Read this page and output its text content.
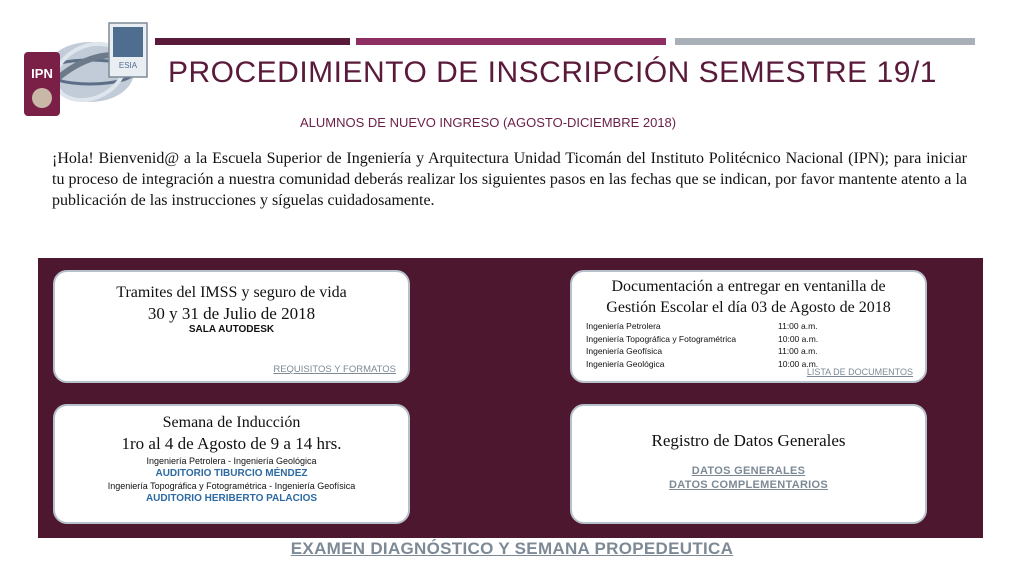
IPN
ESIA PROCEDIMIENTO DE INSCRIPCIÓN SEMESTRE 19/1
ALUMNOS DE NUEVO INGRESO (AGOSTO-DICIEMBRE 2018)

¡Hola! Bienvenid@ a la Escuela Superior de Ingeniería y Arquitectura Unidad Ticomán del Instituto Politécnico Nacional (IPN); para iniciar tu proceso de integración a nuestra comunidad deberás realizar los siguientes pasos en las fechas que se indican, por favor mantente atento a la publicación de las instrucciones y síguelas cuidadosamente.

Tramites del IMSS y seguro de vida
30 y 31 de Julio de 2018
SALA AUTODESK
REQUISITOS Y FORMATOS
Documentación a entregar en ventanilla de
Gestión Escolar el día 03 de Agosto de 2018
Ingeniería Petrolera	11:00 a.m.
Ingeniería Topográfica y Fotogramétrica	10:00 a.m.
Ingeniería Geofísica	11:00 a.m.
Ingeniería Geológica	10:00 a.m.
LISTA DE DOCUMENTOS
Semana de Inducción
1ro al 4 de Agosto de 9 a 14 hrs.
Ingeniería Petrolera - Ingeniería Geológica
AUDITORIO TIBURCIO MÉNDEZ
Ingeniería Topográfica y Fotogramétrica - Ingeniería Geofísica
AUDITORIO HERIBERTO PALACIOS
Registro de Datos Generales
DATOS GENERALES
DATOS COMPLEMENTARIOS
EXAMEN DIAGNÓSTICO Y SEMANA PROPEDEUTICA
